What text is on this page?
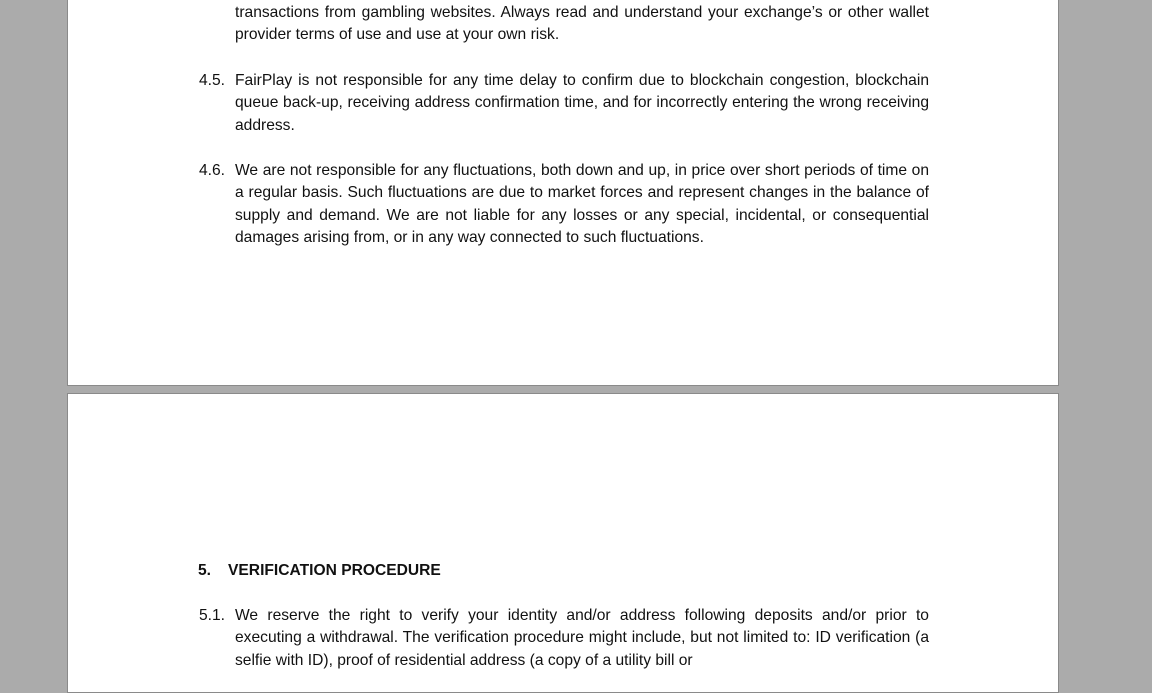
transactions from gambling websites. Always read and understand your exchange’s or other wallet provider terms of use and use at your own risk.
4.5. FairPlay is not responsible for any time delay to confirm due to blockchain congestion, blockchain queue back-up, receiving address confirmation time, and for incorrectly entering the wrong receiving address.
4.6. We are not responsible for any fluctuations, both down and up, in price over short periods of time on a regular basis. Such fluctuations are due to market forces and represent changes in the balance of supply and demand. We are not liable for any losses or any special, incidental, or consequential damages arising from, or in any way connected to such fluctuations.
5. VERIFICATION PROCEDURE
5.1. We reserve the right to verify your identity and/or address following deposits and/or prior to executing a withdrawal. The verification procedure might include, but not limited to: ID verification (a selfie with ID), proof of residential address (a copy of a utility bill or
